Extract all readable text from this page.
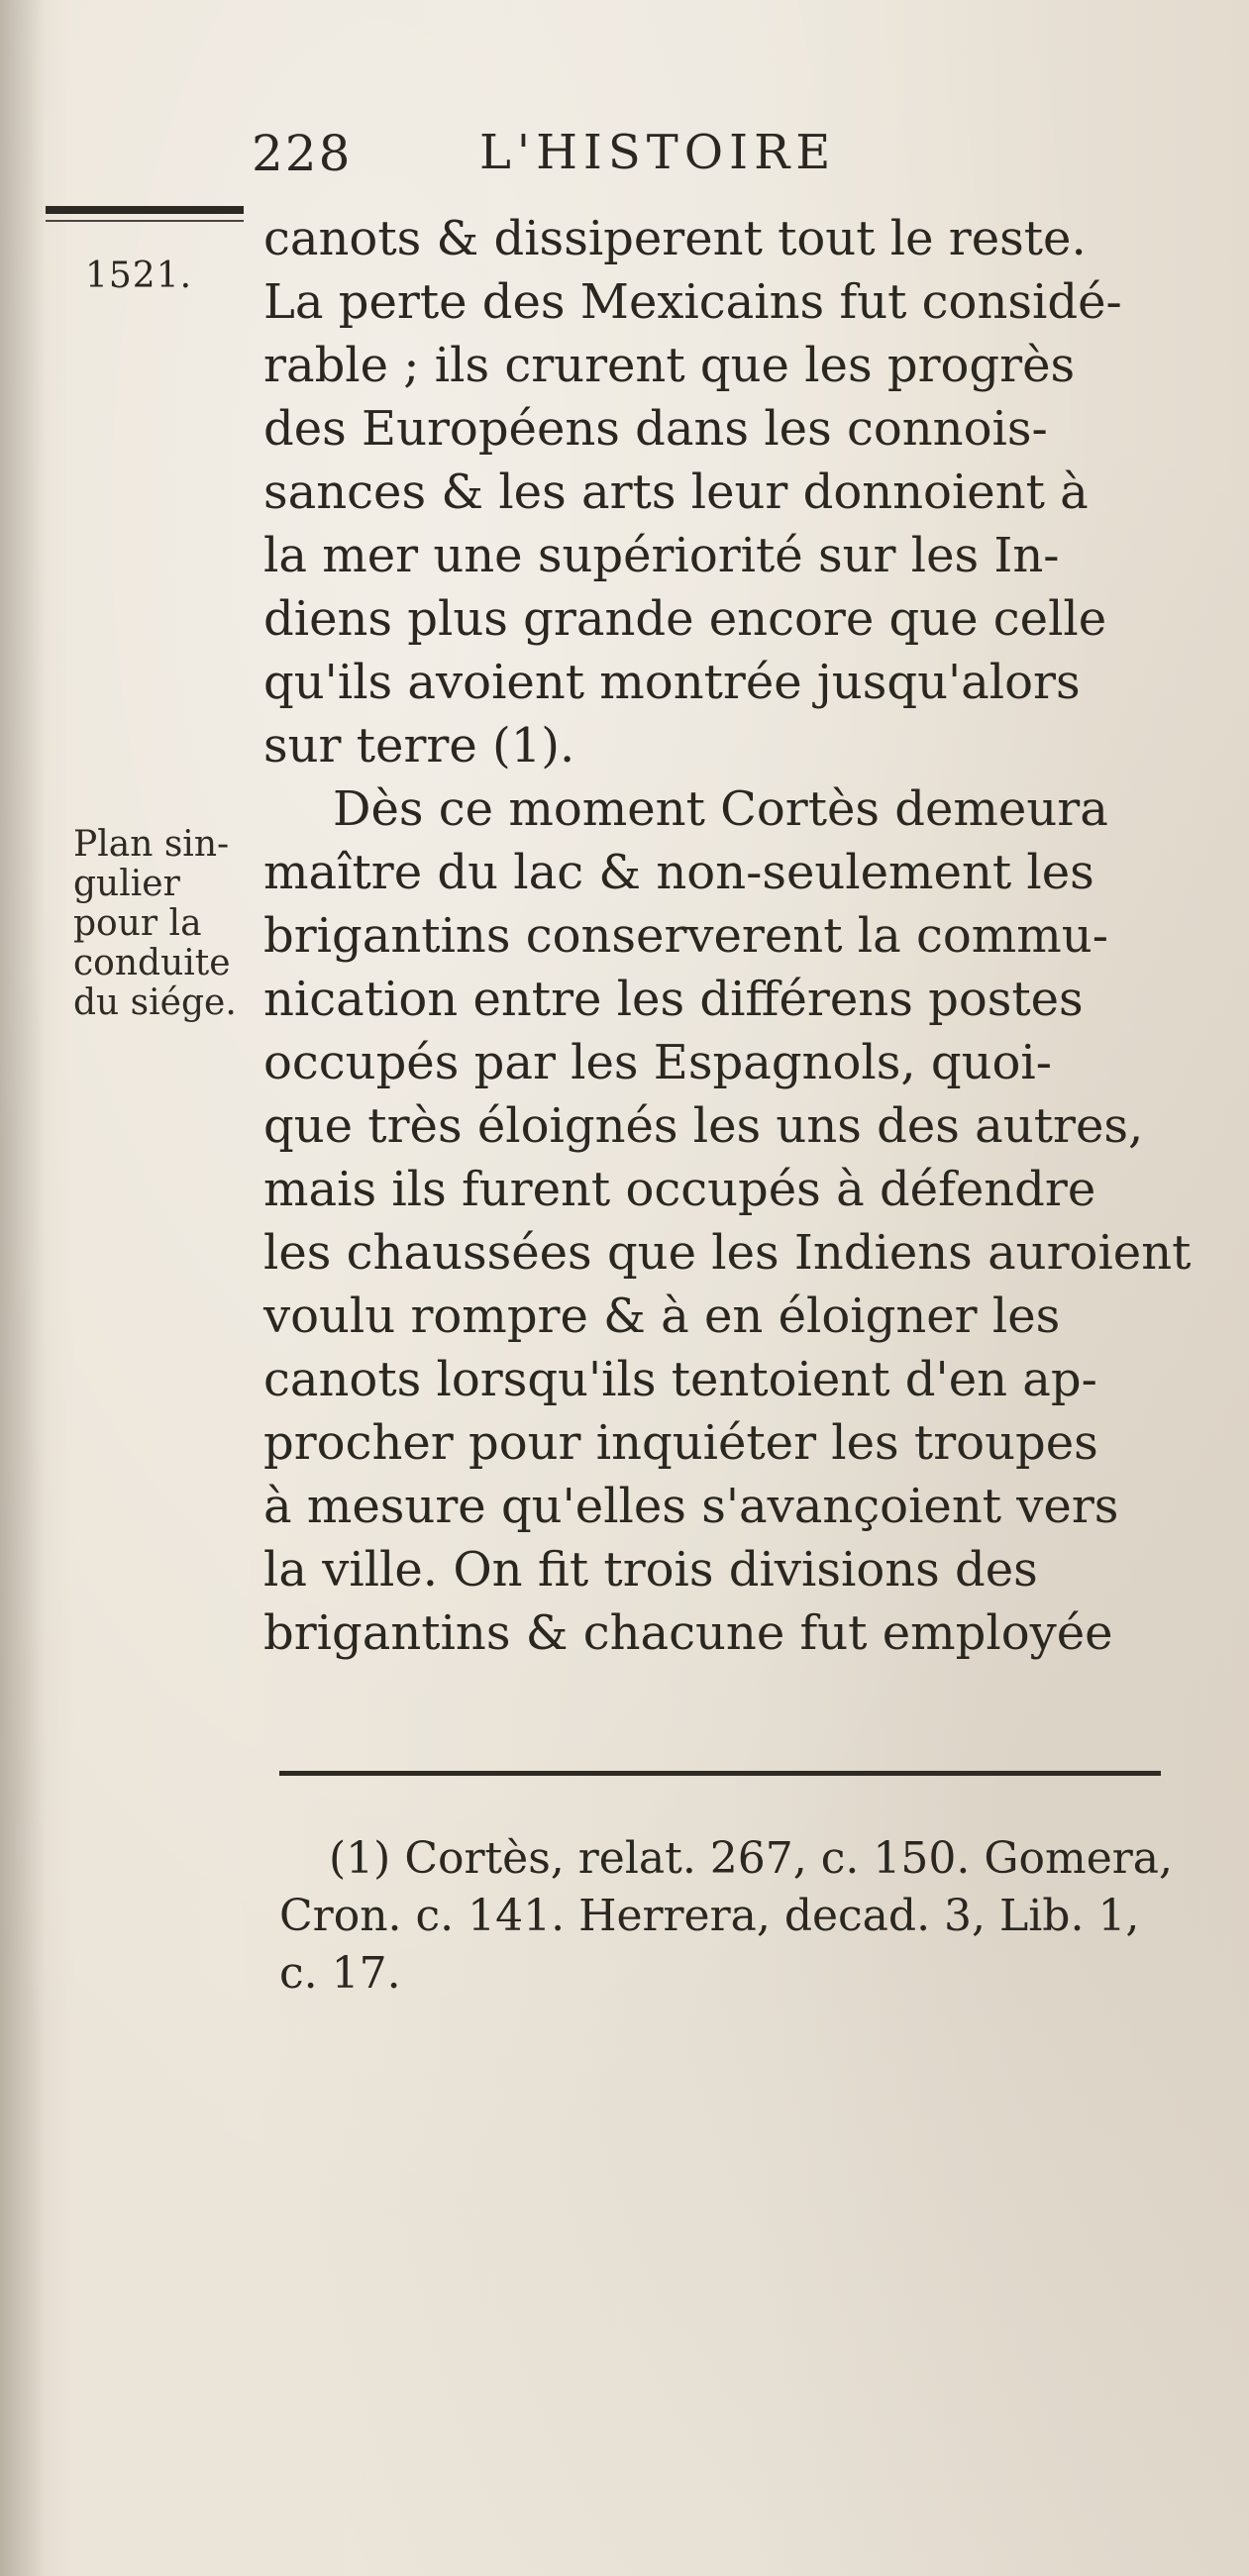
228	L'HISTOIRE
1521.
Plan sin-
gulier
pour la
conduite
du siége.
canots & dissiperent tout le reste.
La perte des Mexicains fut considé-
rable ; ils crurent que les progrès
des Européens dans les connois-
sances & les arts leur donnoient à
la mer une supériorité sur les In-
diens plus grande encore que celle
qu'ils avoient montrée jusqu'alors
sur terre (1).
Dès ce moment Cortès demeura
maître du lac & non-seulement les
brigantins conserverent la commu-
nication entre les différens postes
occupés par les Espagnols, quoi-
que très éloignés les uns des autres,
mais ils furent occupés à défendre
les chaussées que les Indiens auroient
voulu rompre & à en éloigner les
canots lorsqu'ils tentoient d'en ap-
procher pour inquiéter les troupes
à mesure qu'elles s'avançoient vers
la ville. On fit trois divisions des
brigantins & chacune fut employée
(1) Cortès, relat. 267, c. 150. Gomera,
Cron. c. 141. Herrera, decad. 3, Lib. 1,
c. 17.
